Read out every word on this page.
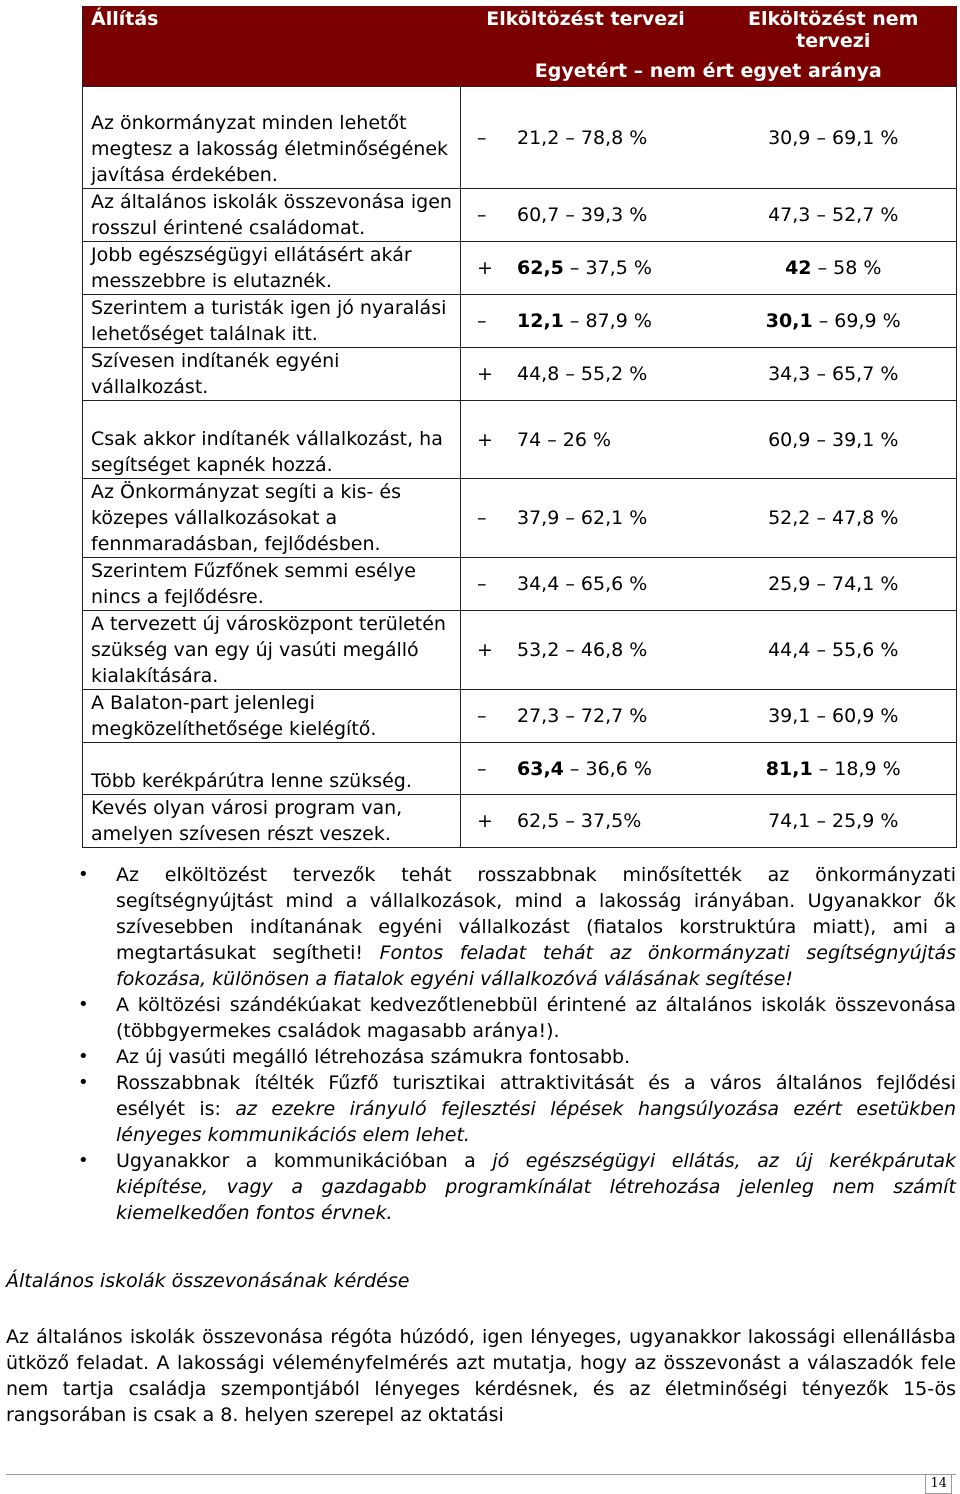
Állítás	Elköltözést tervezi	Elköltözést nem tervezi
	Egyetért – nem ért egyet aránya	
Az önkormányzat minden lehetőt megtesz a lakosság életminőségének javítása érdekében.	– 21,2 – 78,8 %	30,9 – 69,1 %
Az általános iskolák összevonása igen rosszul érintené családomat.	– 60,7 – 39,3 %	47,3 – 52,7 %
Jobb egészségügyi ellátásért akár messzebbre is elutaznék.	+ 62,5 – 37,5 %	42 – 58 %
Szerintem a turisták igen jó nyaralási lehetőséget találnak itt.	– 12,1 – 87,9 %	30,1 – 69,9 %
Szívesen indítanék egyéni vállalkozást.	+ 44,8 – 55,2 %	34,3 – 65,7 %
Csak akkor indítanék vállalkozást, ha segítséget kapnék hozzá.	+ 74 – 26 %	60,9 – 39,1 %
Az Önkormányzat segíti a kis- és közepes vállalkozásokat a fennmaradásban, fejlődésben.	– 37,9 – 62,1 %	52,2 – 47,8 %
Szerintem Fűzfőnek semmi esélye nincs a fejlődésre.	– 34,4 – 65,6 %	25,9 – 74,1 %
A tervezett új városközpont területén szükség van egy új vasúti megálló kialakítására.	+ 53,2 – 46,8 %	44,4 – 55,6 %
A Balaton-part jelenlegi megközelíthetősége kielégítő.	– 27,3 – 72,7 %	39,1 – 60,9 %
Több kerékpárútra lenne szükség.	– 63,4 – 36,6 %	81,1 – 18,9 %
Kevés olyan városi program van, amelyen szívesen részt veszek.	+ 62,5 – 37,5%	74,1 – 25,9 %
• Az elköltözést tervezők tehát rosszabbnak minősítették az önkormányzati segítségnyújtást mind a vállalkozások, mind a lakosság irányában. Ugyanakkor ők szívesebben indítanának egyéni vállalkozást (fiatalos korstruktúra miatt), ami a megtartásukat segítheti! Fontos feladat tehát az önkormányzati segítségnyújtás fokozása, különösen a fiatalok egyéni vállalkozóvá válásának segítése!
• A költözési szándékúakat kedvezőtlenebbül érintené az általános iskolák összevonása (többgyermekes családok magasabb aránya!).
• Az új vasúti megálló létrehozása számukra fontosabb.
• Rosszabbnak ítélték Fűzfő turisztikai attraktivitását és a város általános fejlődési esélyét is: az ezekre irányuló fejlesztési lépések hangsúlyozása ezért esetükben lényeges kommunikációs elem lehet.
• Ugyanakkor a kommunikációban a jó egészségügyi ellátás, az új kerékpárutak kiépítése, vagy a gazdagabb programkínálat létrehozása jelenleg nem számít kiemelkedően fontos érvnek.
Általános iskolák összevonásának kérdése
Az általános iskolák összevonása régóta húzódó, igen lényeges, ugyanakkor lakossági ellenállásba ütköző feladat. A lakossági véleményfelmérés azt mutatja, hogy az összevonást a válaszadók fele nem tartja családja szempontjából lényeges kérdésnek, és az életminőségi tényezők 15-ös rangsorában is csak a 8. helyen szerepel az oktatási
14
